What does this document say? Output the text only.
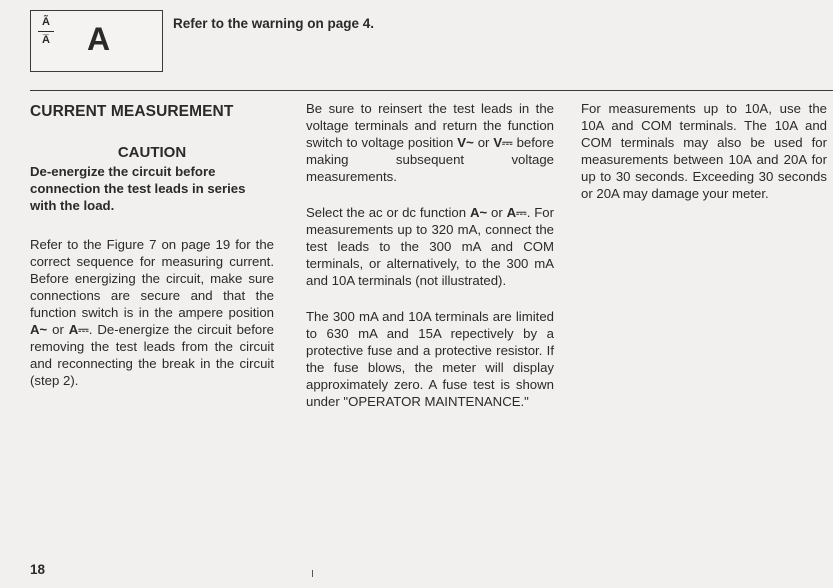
Ã
A̅ A	Refer to the warning on page 4.
CURRENT MEASUREMENT
CAUTION
De-energize the circuit before connection the test leads in series with the load.

Refer to the Figure 7 on page 19 for the correct sequence for measuring current. Before energizing the circuit, make sure connections are secure and that the function switch is in the ampere position A~ or A⎓. De-energize the circuit before removing the test leads from the circuit and reconnecting the break in the circuit (step 2).

Be sure to reinsert the test leads in the voltage terminals and return the function switch to voltage position V~ or V⎓ before making subsequent voltage measurements.

Select the ac or dc function A~ or A⎓. For measurements up to 320 mA, connect the test leads to the 300 mA and COM terminals, or alternatively, to the 300 mA and 10A terminals (not illustrated).

The 300 mA and 10A terminals are limited to 630 mA and 15A repectively by a protective fuse and a protective resistor. If the fuse blows, the meter will display approximately zero. A fuse test is shown under "OPERATOR MAINTENANCE."

For measurements up to 10A, use the 10A and COM terminals. The 10A and COM terminals may also be used for measurements between 10A and 20A for up to 30 seconds. Exceeding 30 seconds or 20A may damage your meter.

18
